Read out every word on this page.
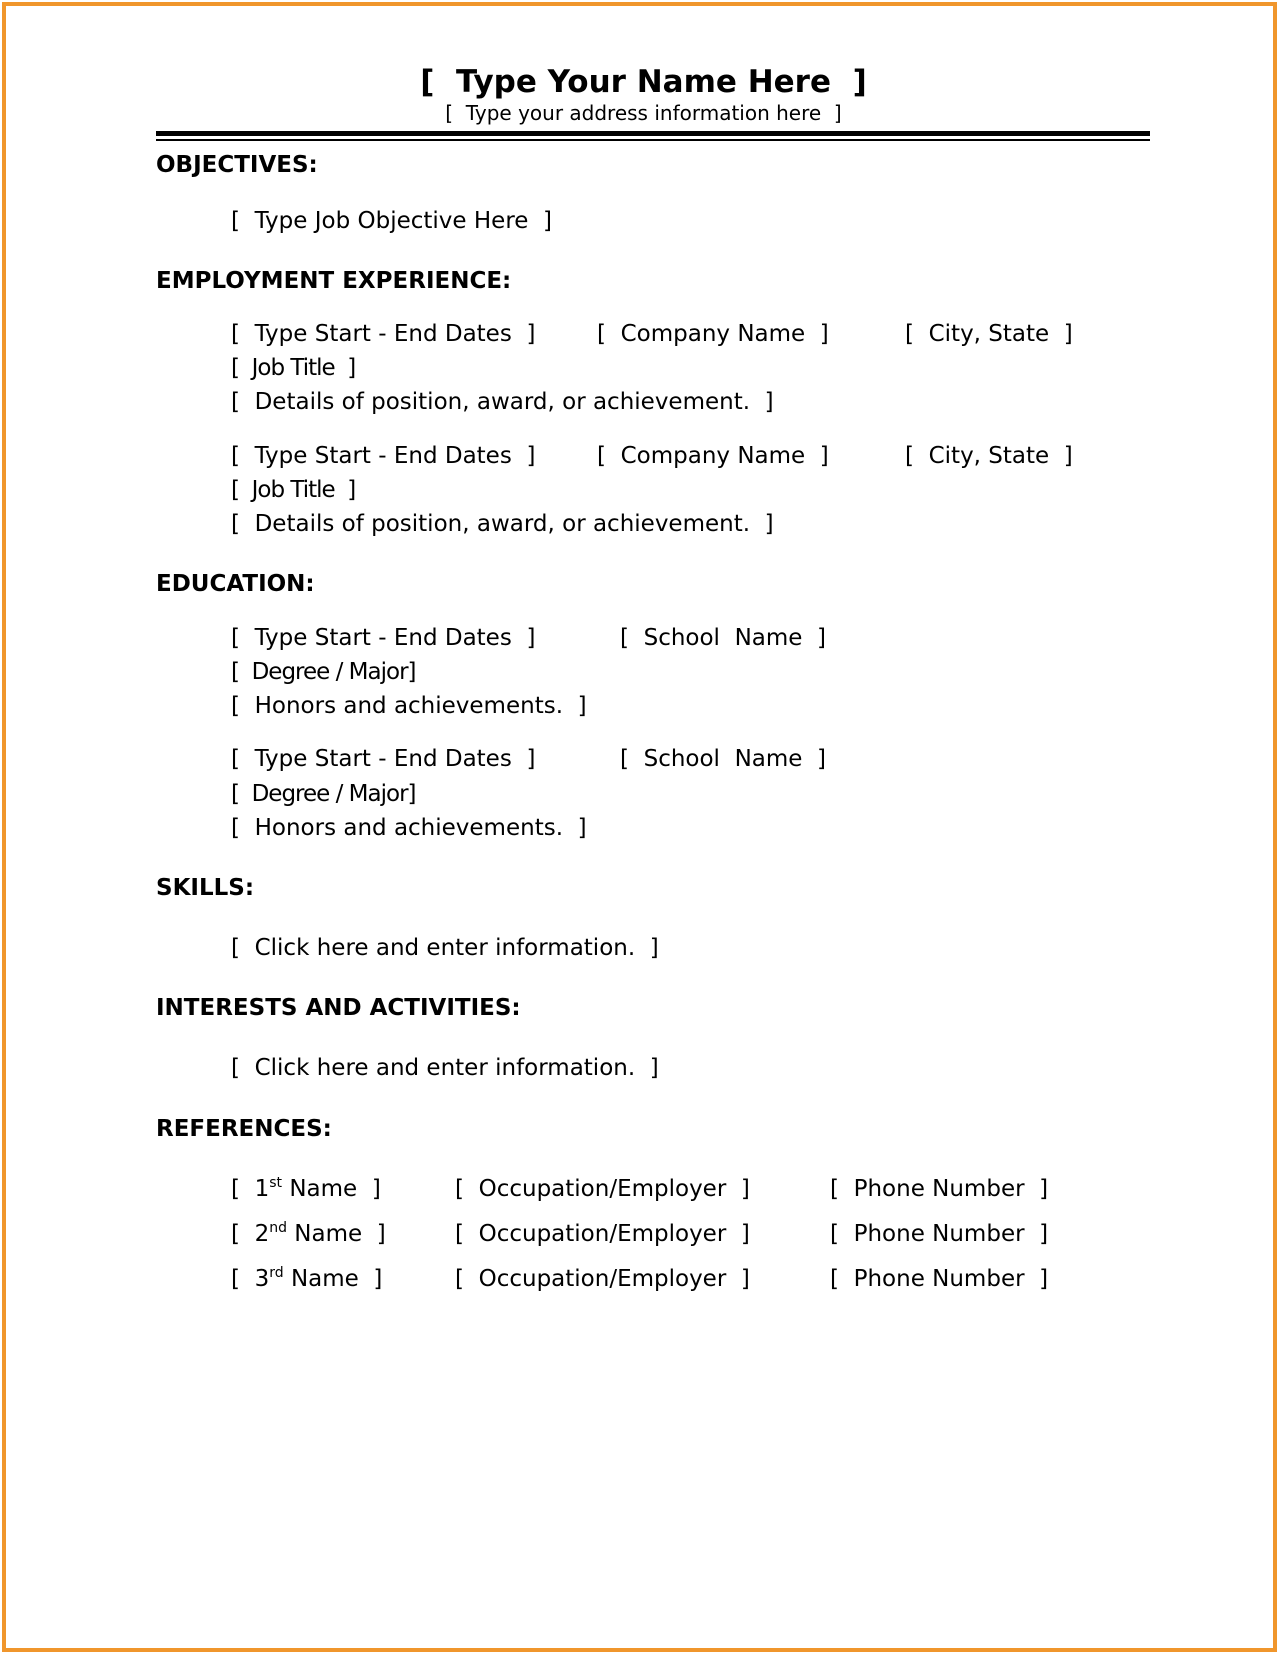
[  Type Your Name Here  ]
[  Type your address information here  ]
OBJECTIVES:
[  Type Job Objective Here  ]
EMPLOYMENT EXPERIENCE:
[  Type Start - End Dates  ]	[  Company Name  ]	[  City, State  ]
[  Job Title  ]
[  Details of position, award, or achievement.  ]
[  Type Start - End Dates  ]	[  Company Name  ]	[  City, State  ]
[  Job Title  ]
[  Details of position, award, or achievement.  ]
EDUCATION:
[  Type Start - End Dates  ]	[  School  Name  ]
[  Degree / Major]
[  Honors and achievements.  ]
[  Type Start - End Dates  ]	[  School  Name  ]
[  Degree / Major]
[  Honors and achievements.  ]
SKILLS:
[  Click here and enter information.  ]
INTERESTS AND ACTIVITIES:
[  Click here and enter information.  ]
REFERENCES:
[  1st Name  ]	[  Occupation/Employer  ]	[  Phone Number  ]
[  2nd Name  ]	[  Occupation/Employer  ]	[  Phone Number  ]
[  3rd Name  ]	[  Occupation/Employer  ]	[  Phone Number  ]
